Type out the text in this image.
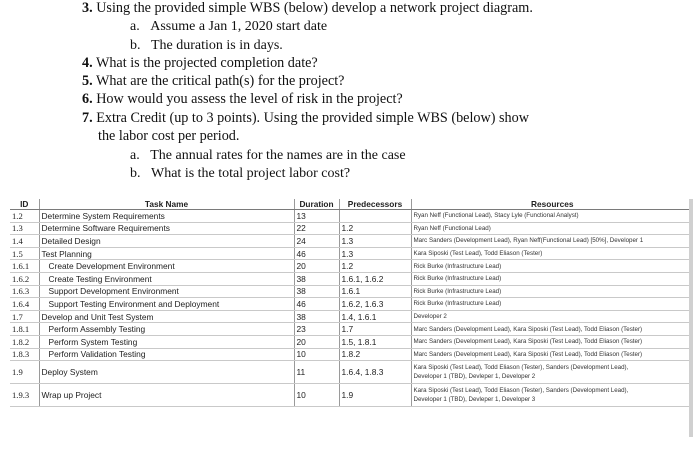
3. Using the provided simple WBS (below) develop a network project diagram.
a. Assume a Jan 1, 2020 start date
b. The duration is in days.
4. What is the projected completion date?
5. What are the critical path(s) for the project?
6. How would you assess the level of risk in the project?
7. Extra Credit (up to 3 points). Using the provided simple WBS (below) show
the labor cost per period.
a. The annual rates for the names are in the case
b. What is the total project labor cost?
ID	Task Name	Duration	Predecessors	Resources
1.2	Determine System Requirements	13		Ryan Neff (Functional Lead), Stacy Lyle (Functional Analyst)

1.3	Determine Software Requirements	22	1.2	Ryan Neff (Functional Lead)

1.4	Detailed Design	24	1.3	Marc Sanders (Development Lead), Ryan Neff(Functional Lead) [50%], Developer 1

1.5	Test Planning	46	1.3	Kara Siposki (Test Lead), Todd Eliason (Tester)

1.6.1	Create Development Environment	20	1.2	Rick Burke (Infrastructure Lead)

1.6.2	Create Testing Environment	38	1.6.1, 1.6.2	Rick Burke (Infrastructure Lead)

1.6.3	Support Development Environment	38	1.6.1	Rick Burke (Infrastructure Lead)

1.6.4	Support Testing Environment and Deployment	46	1.6.2, 1.6.3	Rick Burke (Infrastructure Lead)

1.7	Develop and Unit Test System	38	1.4, 1.6.1	Developer 2

1.8.1	Perform Assembly Testing	23	1.7	Marc Sanders (Development Lead), Kara Siposki (Test Lead), Todd Eliason (Tester)

1.8.2	Perform System Testing	20	1.5, 1.8.1	Marc Sanders (Development Lead), Kara Siposki (Test Lead), Todd Eliason (Tester)

1.8.3	Perform Validation Testing	10	1.8.2	Marc Sanders (Development Lead), Kara Siposki (Test Lead), Todd Eliason (Tester)

1.9	Deploy System	11	1.6.4, 1.8.3	Kara Siposki (Test Lead), Todd Eliason (Tester), Sanders (Development Lead),
Developer 1 (TBD), Devleper 1, Developer 2

1.9.3	Wrap up Project	10	1.9	Kara Siposki (Test Lead), Todd Eliason (Tester), Sanders (Development Lead),
Developer 1 (TBD), Devleper 1, Developer 3
